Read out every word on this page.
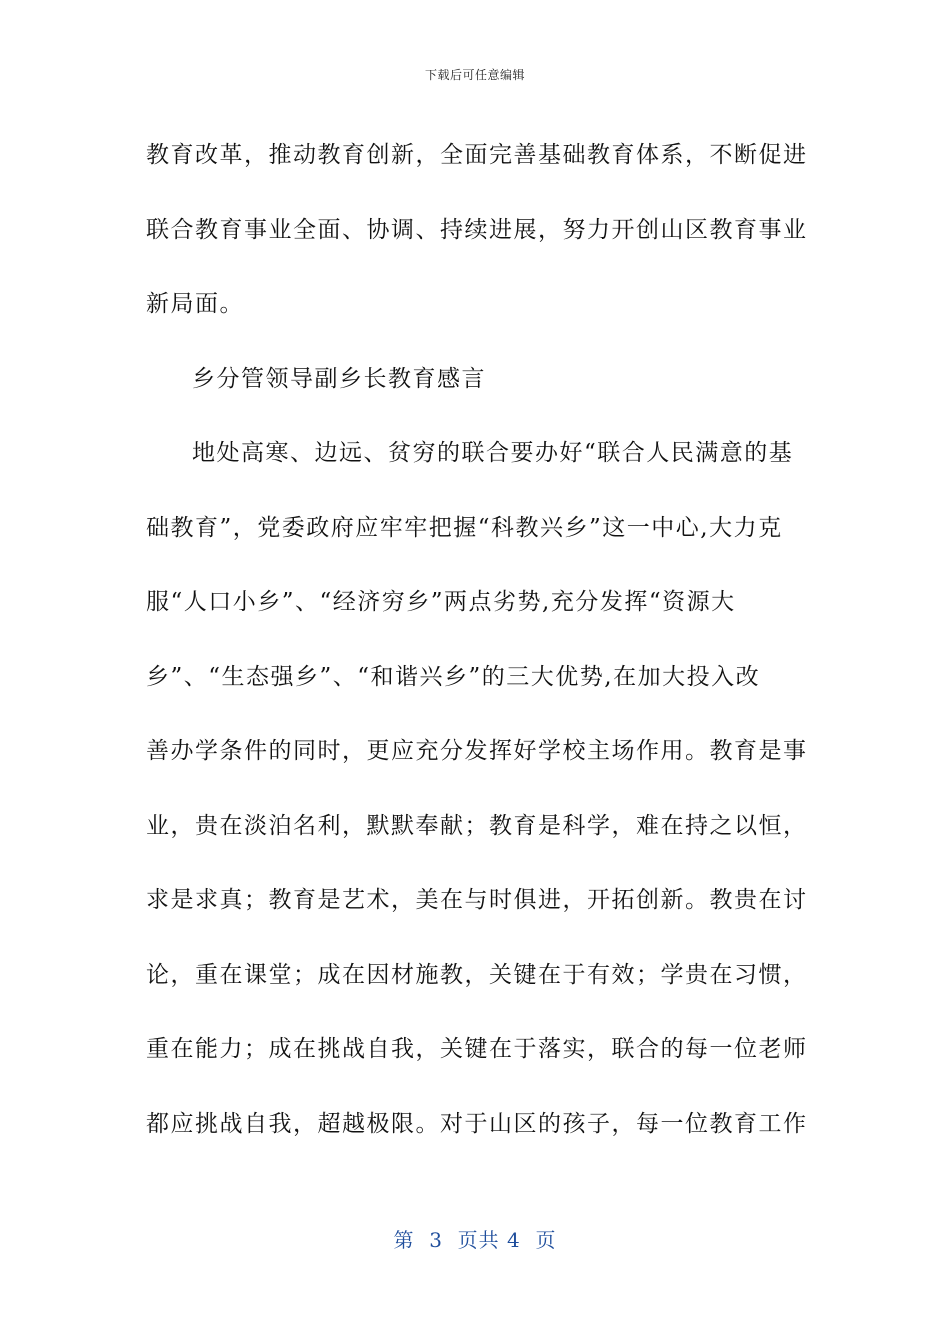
下载后可任意编辑
教育改革，推动教育创新，全面完善基础教育体系，不断促进
联合教育事业全面、协调、持续进展，努力开创山区教育事业
新局面。
乡分管领导副乡长教育感言
地处高寒、边远、贫穷的联合要办好“联合人民满意的基
础教育”，党委政府应牢牢把握“科教兴乡”这一中心,大力克
服“人口小乡”、“经济穷乡”两点劣势,充分发挥“资源大
乡”、“生态强乡”、“和谐兴乡”的三大优势,在加大投入改
善办学条件的同时，更应充分发挥好学校主场作用。教育是事
业，贵在淡泊名利，默默奉献；教育是科学，难在持之以恒，
求是求真；教育是艺术，美在与时俱进，开拓创新。教贵在讨
论，重在课堂；成在因材施教，关键在于有效；学贵在习惯，
重在能力；成在挑战自我，关键在于落实，联合的每一位老师
都应挑战自我，超越极限。对于山区的孩子，每一位教育工作
第  3  页共 4  页
